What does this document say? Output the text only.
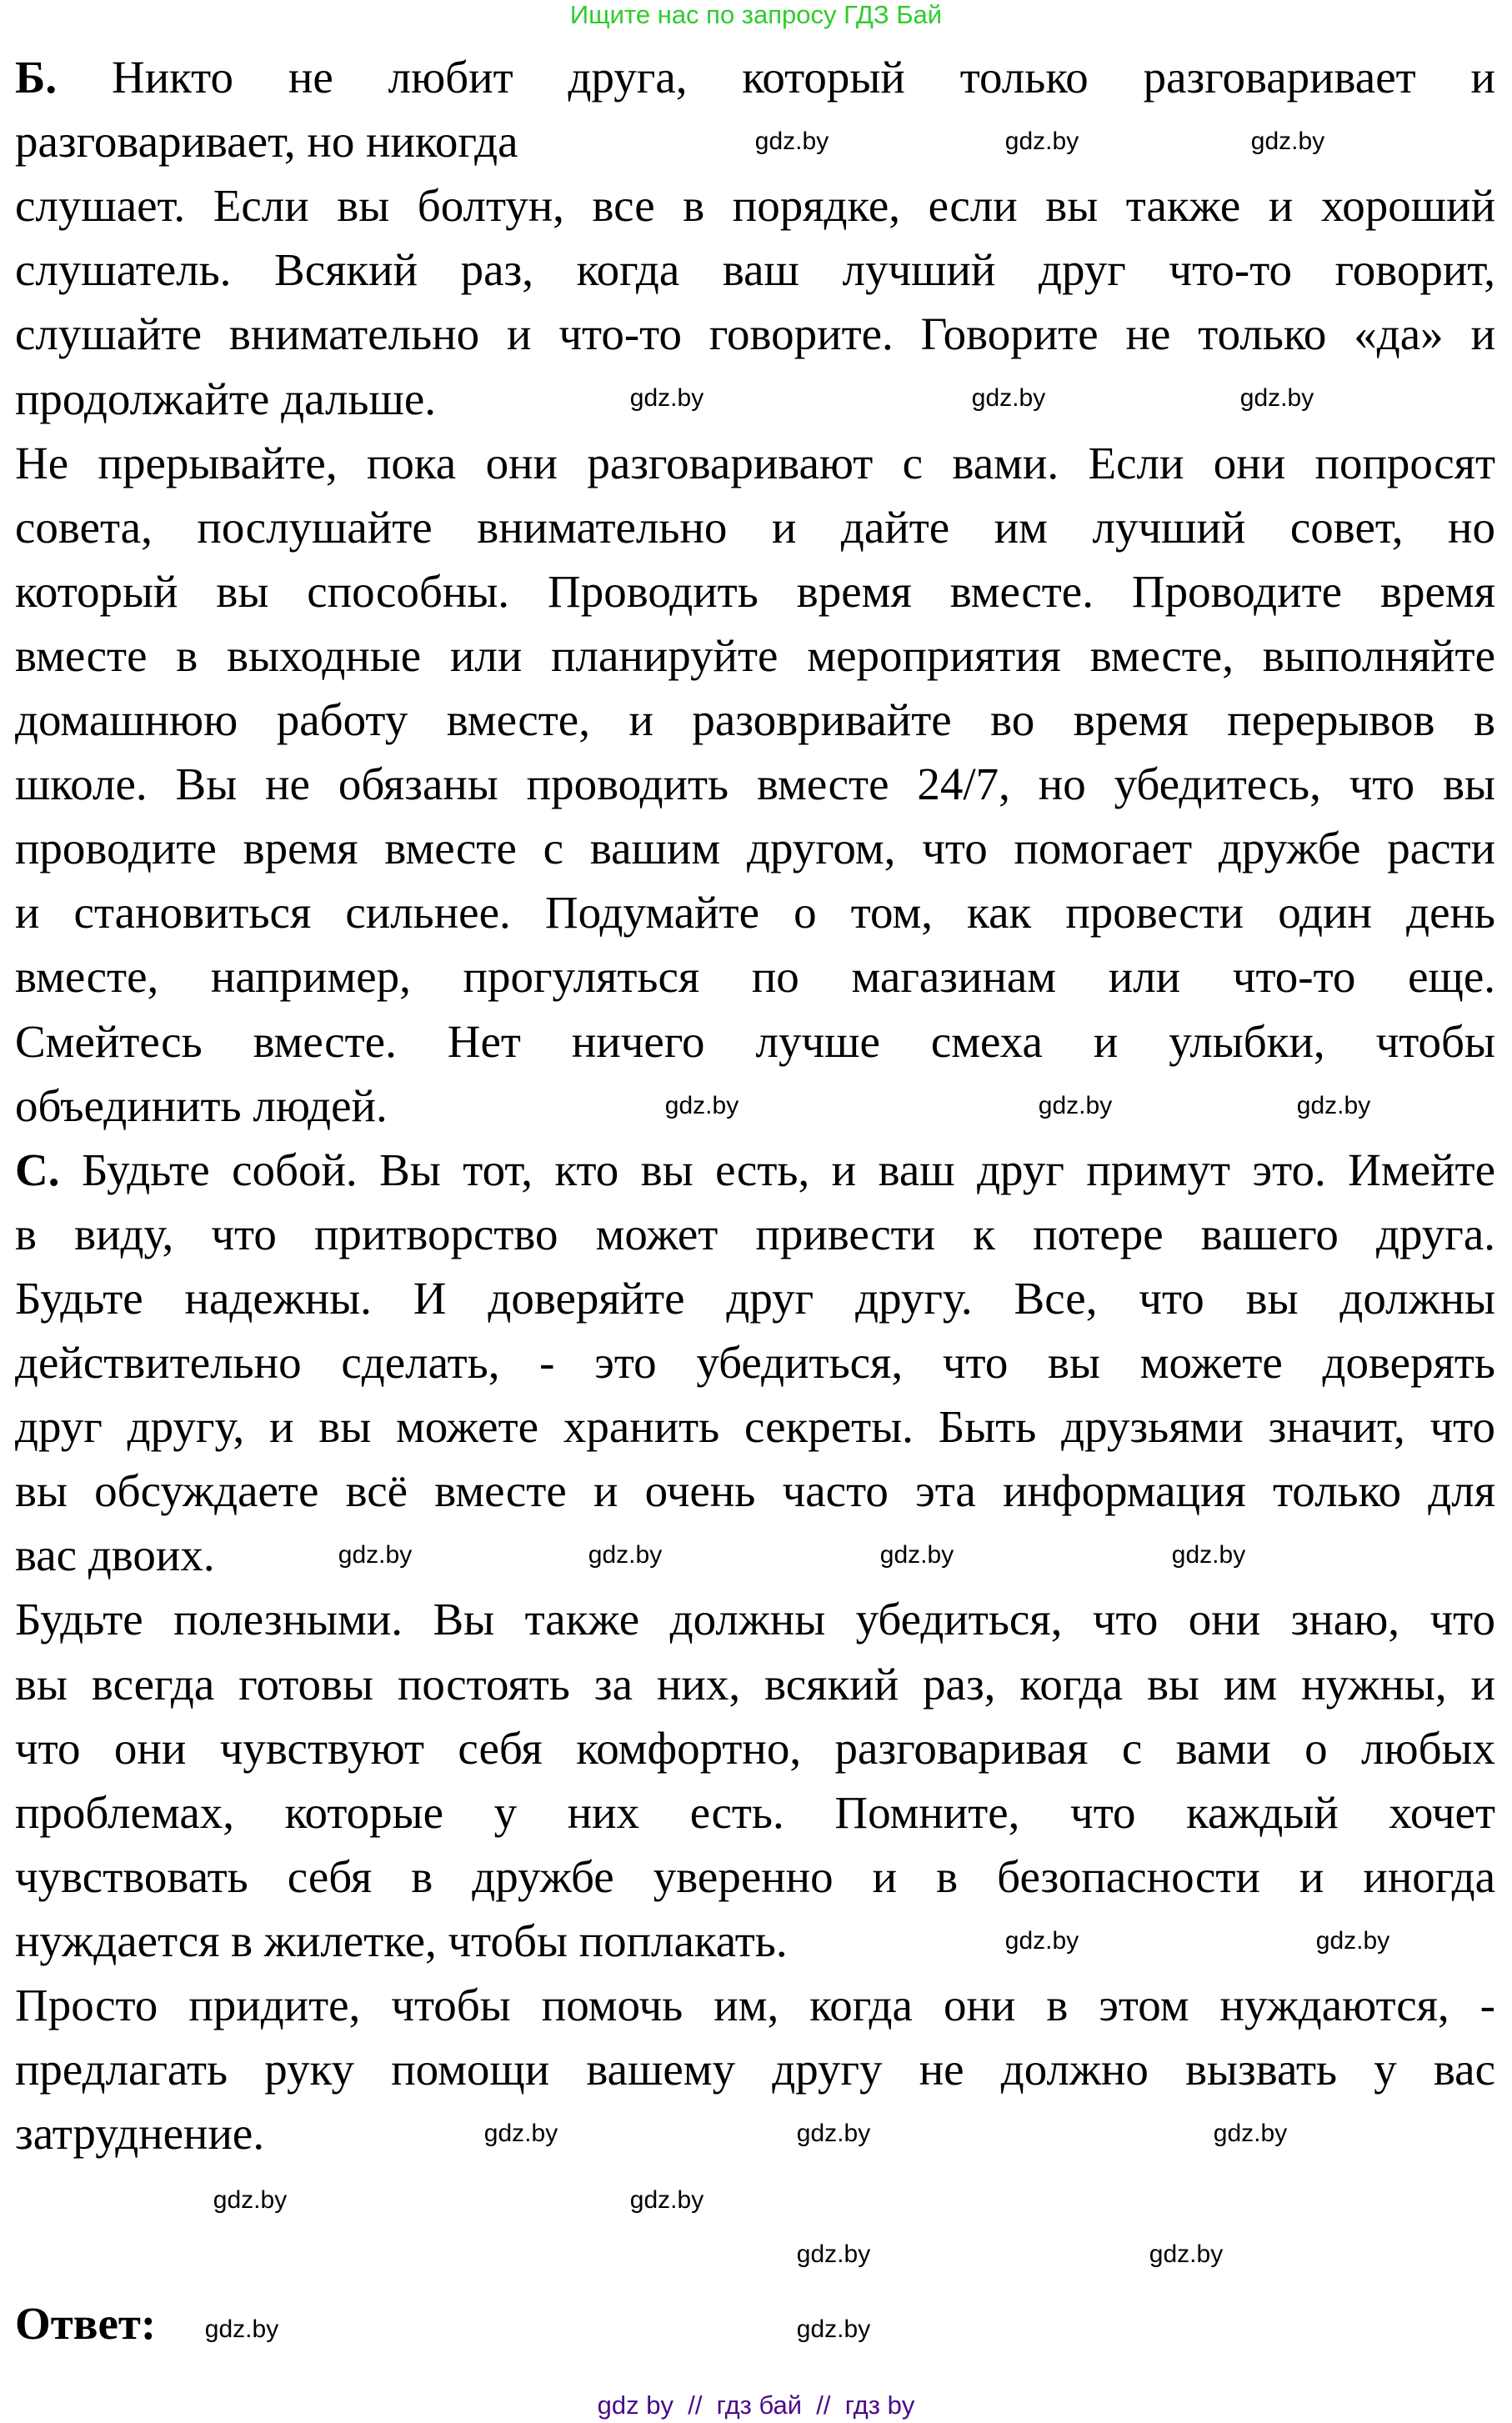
Ищите нас по запросу ГДЗ Бай
Б. Никто не любит друга, который только разговаривает и
разговаривает, но никогда
слушает. Если вы болтун, все в порядке, если вы также и хороший
слушатель. Всякий раз, когда ваш лучший друг что-то говорит,
слушайте внимательно и что-то говорите. Говорите не только «да» и
продолжайте дальше.
Не прерывайте, пока они разговаривают с вами. Если они попросят
совета, послушайте внимательно и дайте им лучший совет, но
который вы способны. Проводить время вместе. Проводите время
вместе в выходные или планируйте мероприятия вместе, выполняйте
домашнюю работу вместе, и разовривайте во время перерывов в
школе. Вы не обязаны проводить вместе 24/7, но убедитесь, что вы
проводите время вместе с вашим другом, что помогает дружбе расти
и становиться сильнее. Подумайте о том, как провести один день
вместе, например, прогуляться по магазинам или что-то еще.
Смейтесь вместе. Нет ничего лучше смеха и улыбки, чтобы
объединить людей.
С. Будьте собой. Вы тот, кто вы есть, и ваш друг примут это. Имейте
в виду, что притворство может привести к потере вашего друга.
Будьте надежны. И доверяйте друг другу. Все, что вы должны
действительно сделать, - это убедиться, что вы можете доверять
друг другу, и вы можете хранить секреты. Быть друзьями значит, что
вы обсуждаете всё вместе и очень часто эта информация только для
вас двоих.
Будьте полезными. Вы также должны убедиться, что они знаю, что
вы всегда готовы постоять за них, всякий раз, когда вы им нужны, и
что они чувствуют себя комфортно, разговаривая с вами о любых
проблемах, которые у них есть. Помните, что каждый хочет
чувствовать себя в дружбе уверенно и в безопасности и иногда
нуждается в жилетке, чтобы поплакать.
Просто придите, чтобы помочь им, когда они в этом нуждаются, -
предлагать руку помощи вашему другу не должно вызвать у вас
затруднение.
Ответ:
gdz.by	gdz.by	gdz.by
gdz.by	gdz.by	gdz.by
gdz.by	gdz.by	gdz.by
gdz.by	gdz.by	gdz.by	gdz.by
gdz.by	gdz.by
gdz.by	gdz.by	gdz.by
gdz.by	gdz.by
gdz.by	gdz.by
gdz.by	gdz.by
gdz by  //  гдз бай  //  гдз by
